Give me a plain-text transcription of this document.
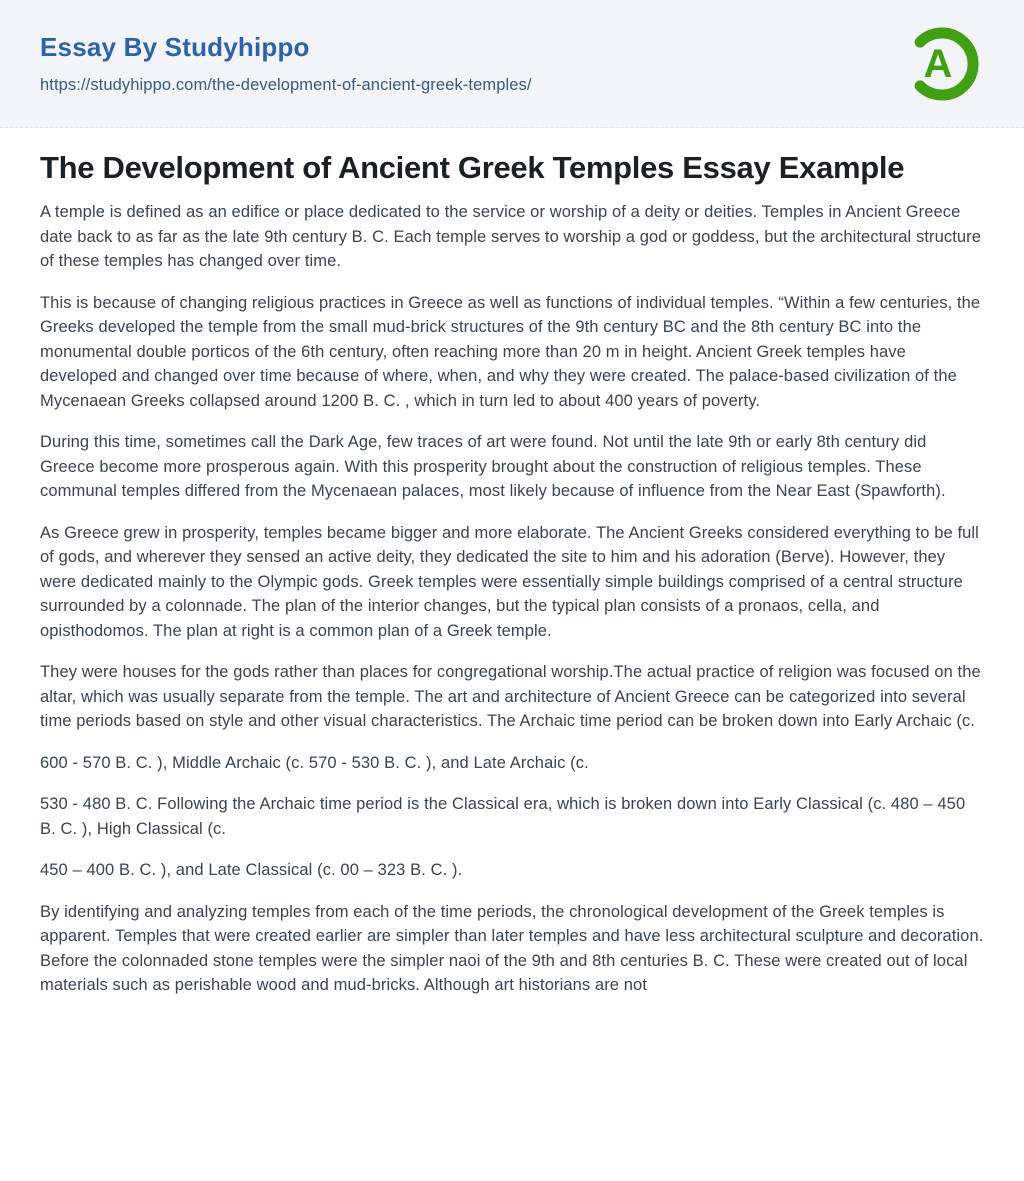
Essay By Studyhippo
https://studyhippo.com/the-development-of-ancient-greek-temples/	A
The Development of Ancient Greek Temples Essay Example

A temple is defined as an edifice or place dedicated to the service or worship of a deity or deities. Temples in Ancient Greece date back to as far as the late 9th century B. C. Each temple serves to worship a god or goddess, but the architectural structure of these temples has changed over time.

This is because of changing religious practices in Greece as well as functions of individual temples. “Within a few centuries, the Greeks developed the temple from the small mud-brick structures of the 9th century BC and the 8th century BC into the monumental double porticos of the 6th century, often reaching more than 20 m in height. Ancient Greek temples have developed and changed over time because of where, when, and why they were created. The palace-based civilization of the Mycenaean Greeks collapsed around 1200 B. C. , which in turn led to about 400 years of poverty.

During this time, sometimes call the Dark Age, few traces of art were found. Not until the late 9th or early 8th century did Greece become more prosperous again. With this prosperity brought about the construction of religious temples. These communal temples differed from the Mycenaean palaces, most likely because of influence from the Near East (Spawforth).

As Greece grew in prosperity, temples became bigger and more elaborate. The Ancient Greeks considered everything to be full of gods, and wherever they sensed an active deity, they dedicated the site to him and his adoration (Berve). However, they were dedicated mainly to the Olympic gods. Greek temples were essentially simple buildings comprised of a central structure surrounded by a colonnade. The plan of the interior changes, but the typical plan consists of a pronaos, cella, and opisthodomos. The plan at right is a common plan of a Greek temple.

They were houses for the gods rather than places for congregational worship.The actual practice of religion was focused on the altar, which was usually separate from the temple. The art and architecture of Ancient Greece can be categorized into several time periods based on style and other visual characteristics. The Archaic time period can be broken down into Early Archaic (c.

600 - 570 B. C. ), Middle Archaic (c. 570 - 530 B. C. ), and Late Archaic (c.

530 - 480 B. C. Following the Archaic time period is the Classical era, which is broken down into Early Classical (c. 480 – 450 B. C. ), High Classical (c.

450 – 400 B. C. ), and Late Classical (c. 00 – 323 B. C. ).

By identifying and analyzing temples from each of the time periods, the chronological development of the Greek temples is apparent. Temples that were created earlier are simpler than later temples and have less architectural sculpture and decoration. Before the colonnaded stone temples were the simpler naoi of the 9th and 8th centuries B. C. These were created out of local materials such as perishable wood and mud-bricks. Although art historians are not
